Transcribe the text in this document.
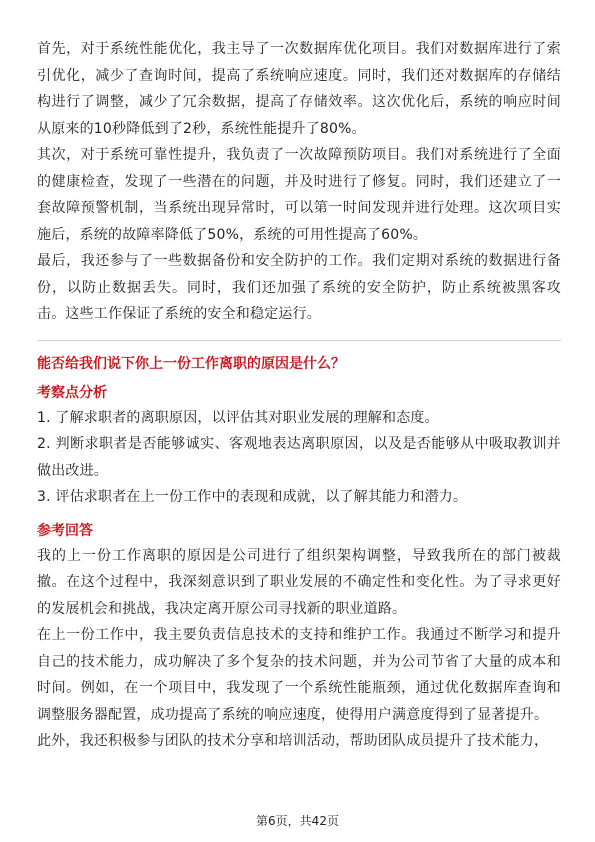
首先，对于系统性能优化，我主导了一次数据库优化项目。我们对数据库进行了索引优化，减少了查询时间，提高了系统响应速度。同时，我们还对数据库的存储结构进行了调整，减少了冗余数据，提高了存储效率。这次优化后，系统的响应时间从原来的10秒降低到了2秒，系统性能提升了80%。

其次，对于系统可靠性提升，我负责了一次故障预防项目。我们对系统进行了全面的健康检查，发现了一些潜在的问题，并及时进行了修复。同时，我们还建立了一套故障预警机制，当系统出现异常时，可以第一时间发现并进行处理。这次项目实施后，系统的故障率降低了50%，系统的可用性提高了60%。

最后，我还参与了一些数据备份和安全防护的工作。我们定期对系统的数据进行备份，以防止数据丢失。同时，我们还加强了系统的安全防护，防止系统被黑客攻击。这些工作保证了系统的安全和稳定运行。

能否给我们说下你上一份工作离职的原因是什么？
考察点分析

1. 了解求职者的离职原因，以评估其对职业发展的理解和态度。

2. 判断求职者是否能够诚实、客观地表达离职原因，以及是否能够从中吸取教训并做出改进。

3. 评估求职者在上一份工作中的表现和成就，以了解其能力和潜力。

参考回答

我的上一份工作离职的原因是公司进行了组织架构调整，导致我所在的部门被裁撤。在这个过程中，我深刻意识到了职业发展的不确定性和变化性。为了寻求更好的发展机会和挑战，我决定离开原公司寻找新的职业道路。

在上一份工作中，我主要负责信息技术的支持和维护工作。我通过不断学习和提升自己的技术能力，成功解决了多个复杂的技术问题，并为公司节省了大量的成本和时间。例如，在一个项目中，我发现了一个系统性能瓶颈，通过优化数据库查询和调整服务器配置，成功提高了系统的响应速度，使得用户满意度得到了显著提升。

此外，我还积极参与团队的技术分享和培训活动，帮助团队成员提升了技术能力，

第6页，共42页
